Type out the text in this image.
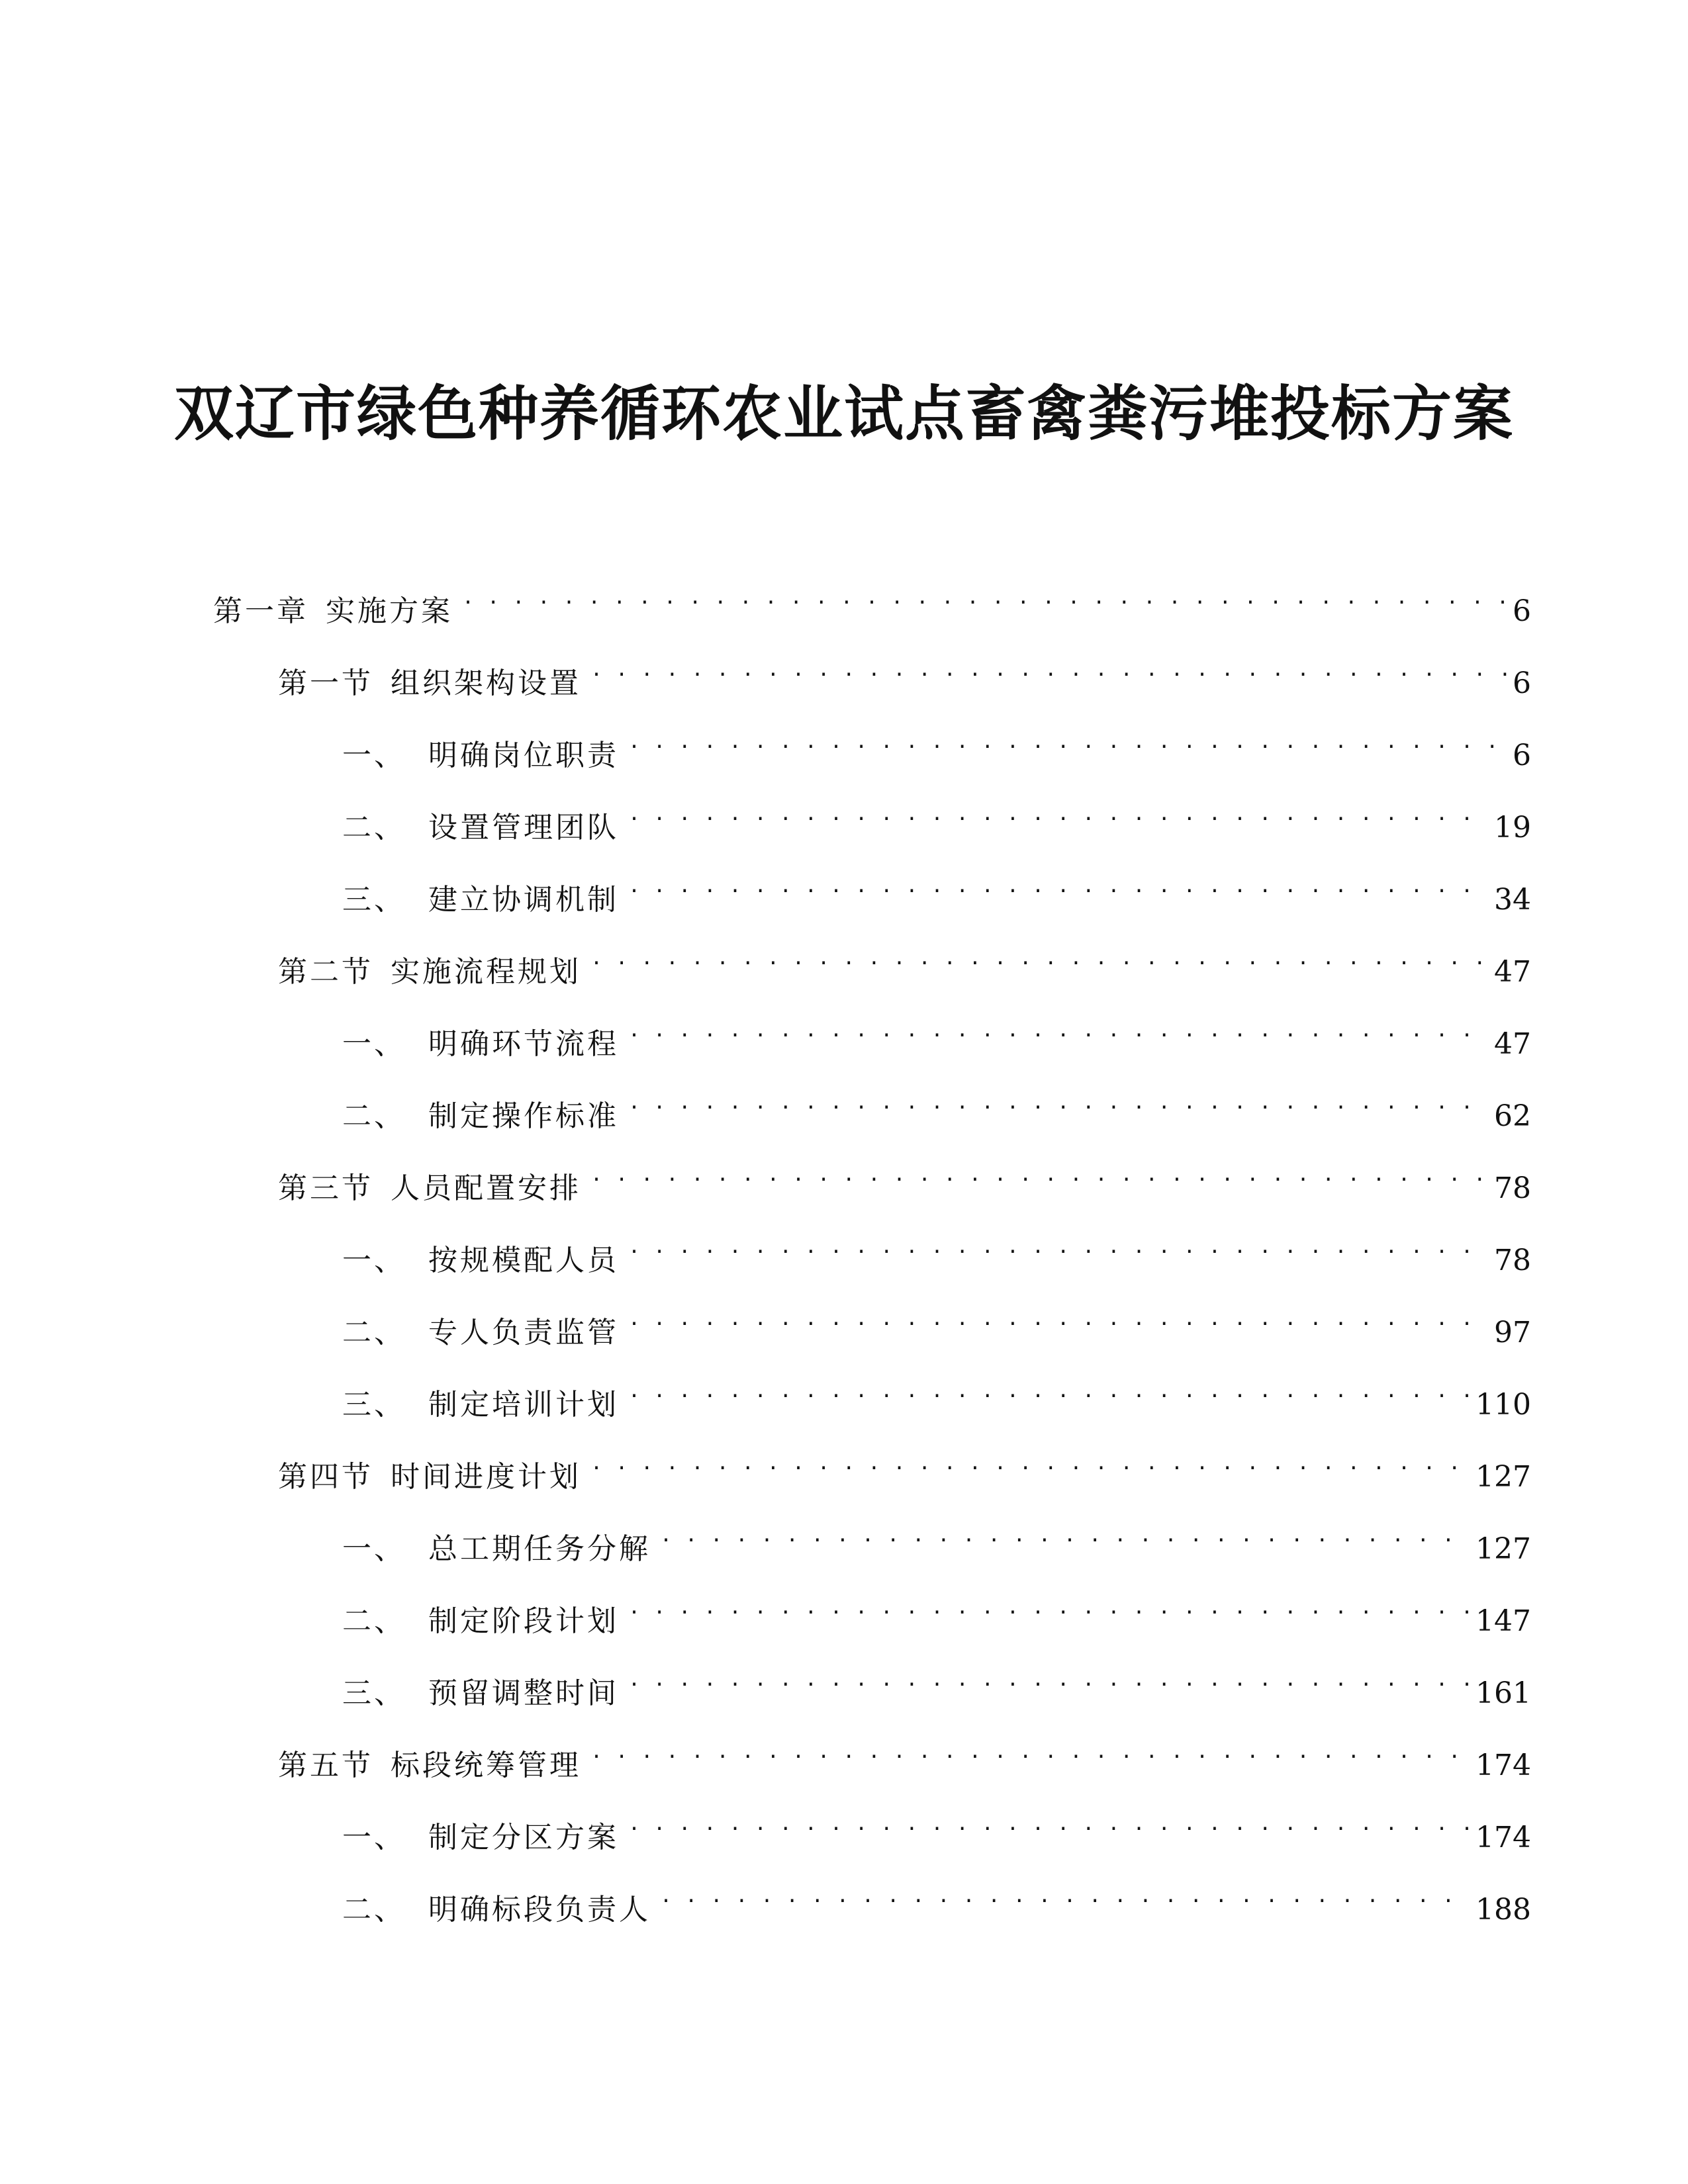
双辽市绿色种养循环农业试点畜禽粪污堆投标方案
第一章 实施方案 . . .	6
第一节 组织架构设置 . . .	6
一、 明确岗位职责 . . .	6
二、 设置管理团队 . . .	19
三、 建立协调机制 . . .	34
第二节 实施流程规划 . . .	47
一、 明确环节流程 . . .	47
二、 制定操作标准 . . .	62
第三节 人员配置安排 . . .	78
一、 按规模配人员 . . .	78
二、 专人负责监管 . . .	97
三、 制定培训计划 . . .	110
第四节 时间进度计划 . . .	127
一、 总工期任务分解 . . .	127
二、 制定阶段计划 . . .	147
三、 预留调整时间 . . .	161
第五节 标段统筹管理 . . .	174
一、 制定分区方案 . . .	174
二、 明确标段负责人 . . .	188
